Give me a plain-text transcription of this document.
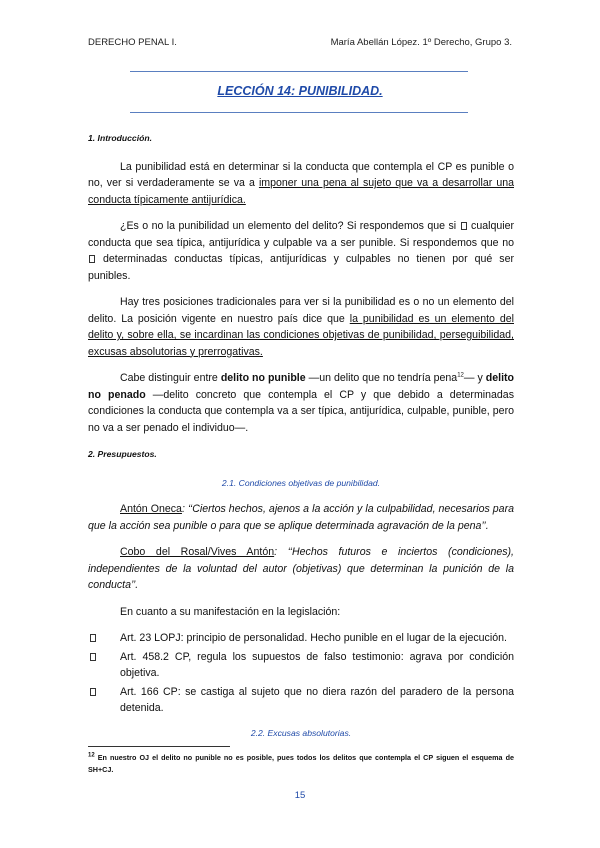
DERECHO PENAL I.	María Abellán López. 1º Derecho, Grupo 3.
LECCIÓN 14: PUNIBILIDAD.
1. Introducción.

La punibilidad está en determinar si la conducta que contempla el CP es punible o no, ver si verdaderamente se va a imponer una pena al sujeto que va a desarrollar una conducta típicamente antijurídica.

¿Es o no la punibilidad un elemento del delito? Si respondemos que si cualquier conducta que sea típica, antijurídica y culpable va a ser punible. Si respondemos que no  determinadas conductas típicas, antijurídicas y culpables no tienen por qué ser punibles.

Hay tres posiciones tradicionales para ver si la punibilidad es o no un elemento del delito. La posición vigente en nuestro país dice que la punibilidad es un elemento del delito y, sobre ella, se incardinan las condiciones objetivas de punibilidad, perseguibilidad, excusas absolutorias y prerrogativas.

Cabe distinguir entre delito no punible —un delito que no tendría pena$^{12}$— y delito no penado —delito concreto que contempla el CP y que debido a determinadas condiciones la conducta que contempla va a ser típica, antijurídica, culpable, punible, pero no va a ser penado el individuo—.

2. Presupuestos.
2.1. Condiciones objetivas de punibilidad.

Antón Oneca: ‘‘Ciertos hechos, ajenos a la acción y la culpabilidad, necesarios para que la acción sea punible o para que se aplique determinada agravación de la pena’’.

Cobo del Rosal/Vives Antón: ‘‘Hechos futuros e inciertos (condiciones), independientes de la voluntad del autor (objetivas) que determinan la punición de la conducta’’.

En cuanto a su manifestación en la legislación:

Art. 23 LOPJ: principio de personalidad. Hecho punible en el lugar de la ejecución.
Art. 458.2 CP, regula los supuestos de falso testimonio: agrava por condición objetiva.
Art. 166 CP: se castiga al sujeto que no diera razón del paradero de la persona detenida.
2.2. Excusas absolutorias.
$^{12}$ En nuestro OJ el delito no punible no es posible, pues todos los delitos que contempla el CP siguen el esquema de SH+CJ.
15
